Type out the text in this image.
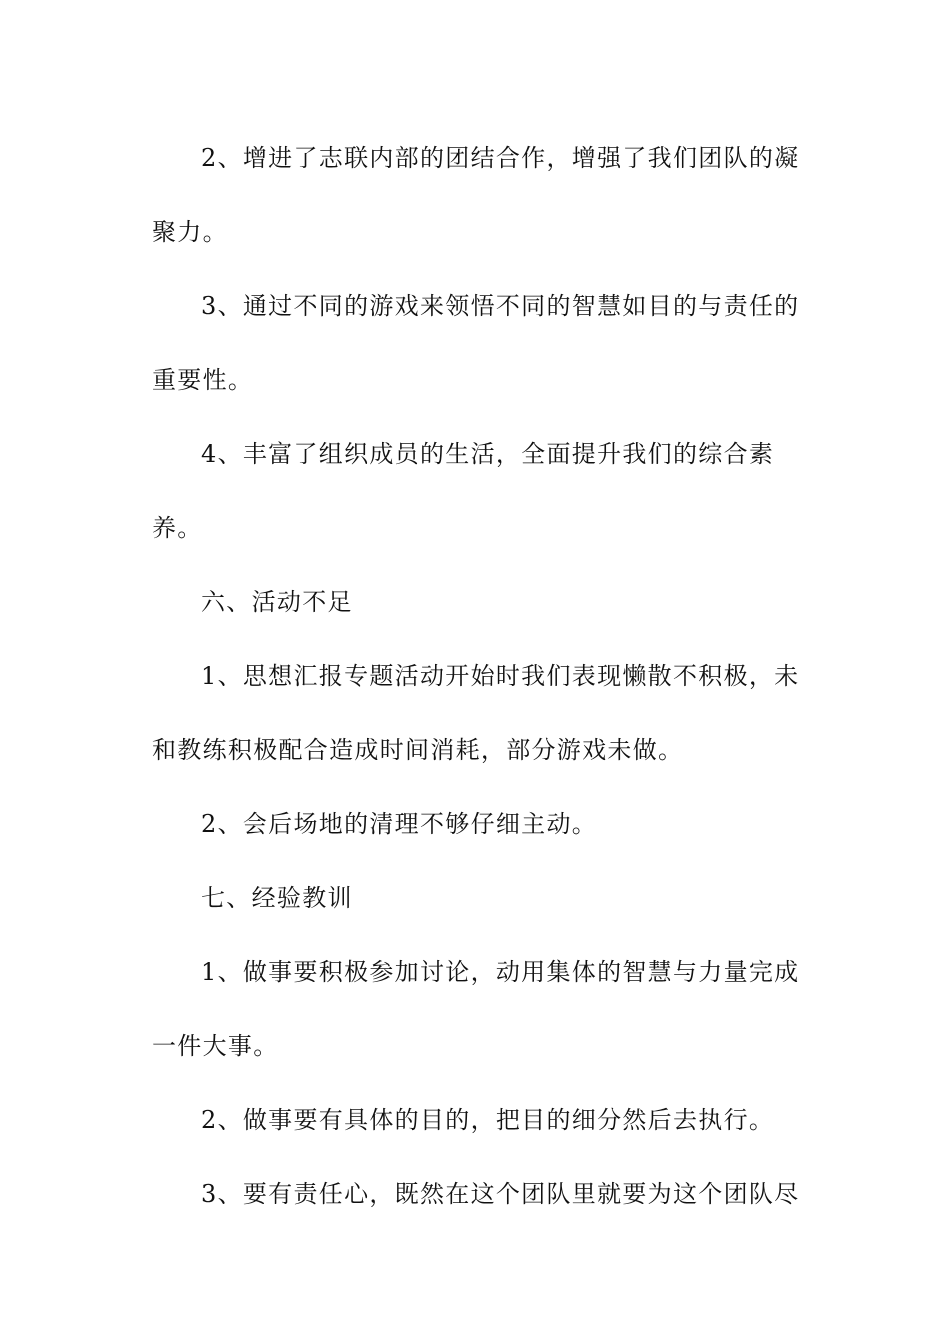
2、增进了志联内部的团结合作，增强了我们团队的凝聚力。

3、通过不同的游戏来领悟不同的智慧如目的与责任的重要性。

4、丰富了组织成员的生活，全面提升我们的综合素养。

六、活动不足

1、思想汇报专题活动开始时我们表现懒散不积极，未和教练积极配合造成时间消耗，部分游戏未做。

2、会后场地的清理不够仔细主动。

七、经验教训

1、做事要积极参加讨论，动用集体的智慧与力量完成一件大事。

2、做事要有具体的目的，把目的细分然后去执行。

3、要有责任心，既然在这个团队里就要为这个团队尽
